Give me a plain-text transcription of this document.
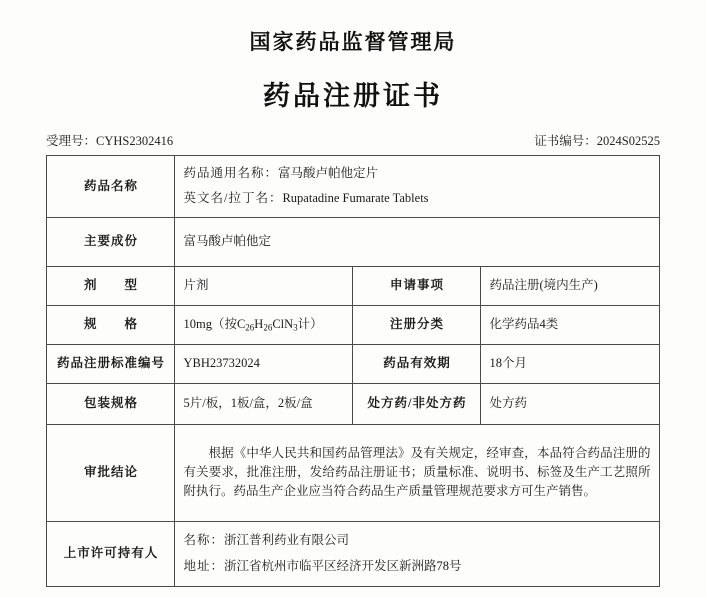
国家药品监督管理局
药品注册证书
受理号：CYHS2302416	证书编号：2024S02525
药品名称	药品通用名称：富马酸卢帕他定片
英文名/拉丁名：Rupatadine Fumarate Tablets		

主要成份	富马酸卢帕他定		
剂　　型	片剂	申请事项	药品注册(境内生产)
规　　格	10mg（按$C_{26}H_{26}ClN_3$计）	注册分类	化学药品4类
药品注册标准编号	YBH23732024	药品有效期	18个月
包装规格	5片/板，1板/盒，2板/盒	处方药/非处方药	处方药
审批结论	根据《中华人民共和国药品管理法》及有关规定，经审查，本品符合药品注册的有关要求，批准注册，发给药品注册证书；质量标准、说明书、标签及生产工艺照所附执行。药品生产企业应当符合药品生产质量管理规范要求方可生产销售。		

上市许可持有人	名称：浙江普利药业有限公司
地址：浙江省杭州市临平区经济开发区新洲路78号		
